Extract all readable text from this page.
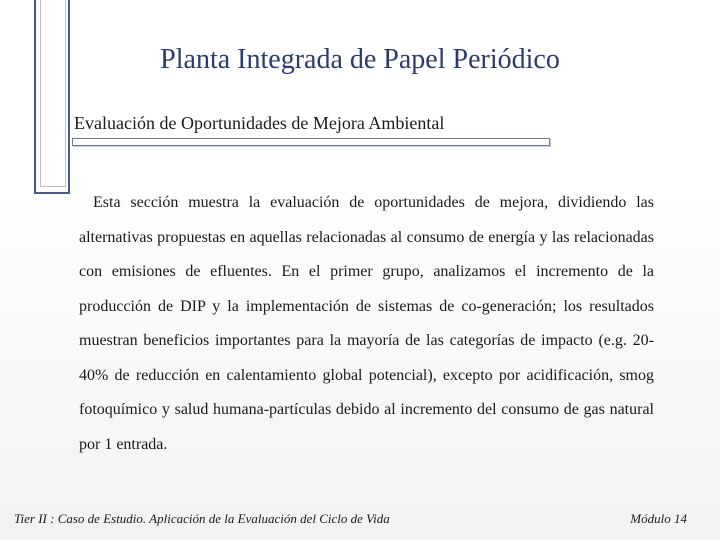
Planta Integrada de Papel Periódico
Evaluación de Oportunidades de Mejora Ambiental
Esta sección muestra la evaluación de oportunidades de mejora, dividiendo las alternativas propuestas en aquellas relacionadas al consumo de energía y las relacionadas con emisiones de efluentes. En el primer grupo, analizamos el incremento de la producción de DIP y la implementación de sistemas de co-generación; los resultados muestran beneficios importantes para la mayoría de las categorías de impacto (e.g. 20-40% de reducción en calentamiento global potencial), excepto por acidificación, smog fotoquímico y salud humana-partículas debido al incremento del consumo de gas natural por 1 entrada.
Tier II : Caso de Estudio. Aplicación de la Evaluación del Ciclo de Vida	Módulo 14
